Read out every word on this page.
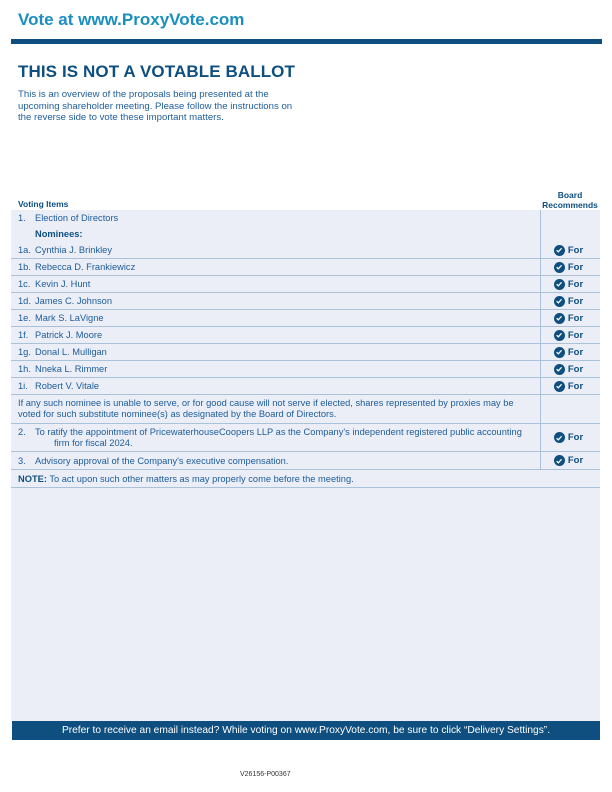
Vote at www.ProxyVote.com
THIS IS NOT A VOTABLE BALLOT
This is an overview of the proposals being presented at the
upcoming shareholder meeting. Please follow the instructions on
the reverse side to vote these important matters.
Voting Items
Board
Recommends
1. Election of Directors
Nominees:
1a. Cynthia J. Brinkley	For
1b. Rebecca D. Frankiewicz	For
1c. Kevin J. Hunt	For
1d. James C. Johnson	For
1e. Mark S. LaVigne	For
1f. Patrick J. Moore	For
1g. Donal L. Mulligan	For
1h. Nneka L. Rimmer	For
1i. Robert V. Vitale	For
If any such nominee is unable to serve, or for good cause will not serve if elected, shares represented by proxies may be
voted for such substitute nominee(s) as designated by the Board of Directors.
2. To ratify the appointment of PricewaterhouseCoopers LLP as the Company's independent registered public accounting
firm for fiscal 2024.	For
3. Advisory approval of the Company's executive compensation.	For
NOTE: To act upon such other matters as may properly come before the meeting.
Prefer to receive an email instead? While voting on www.ProxyVote.com, be sure to click “Delivery Settings”.
V26156-P00367
